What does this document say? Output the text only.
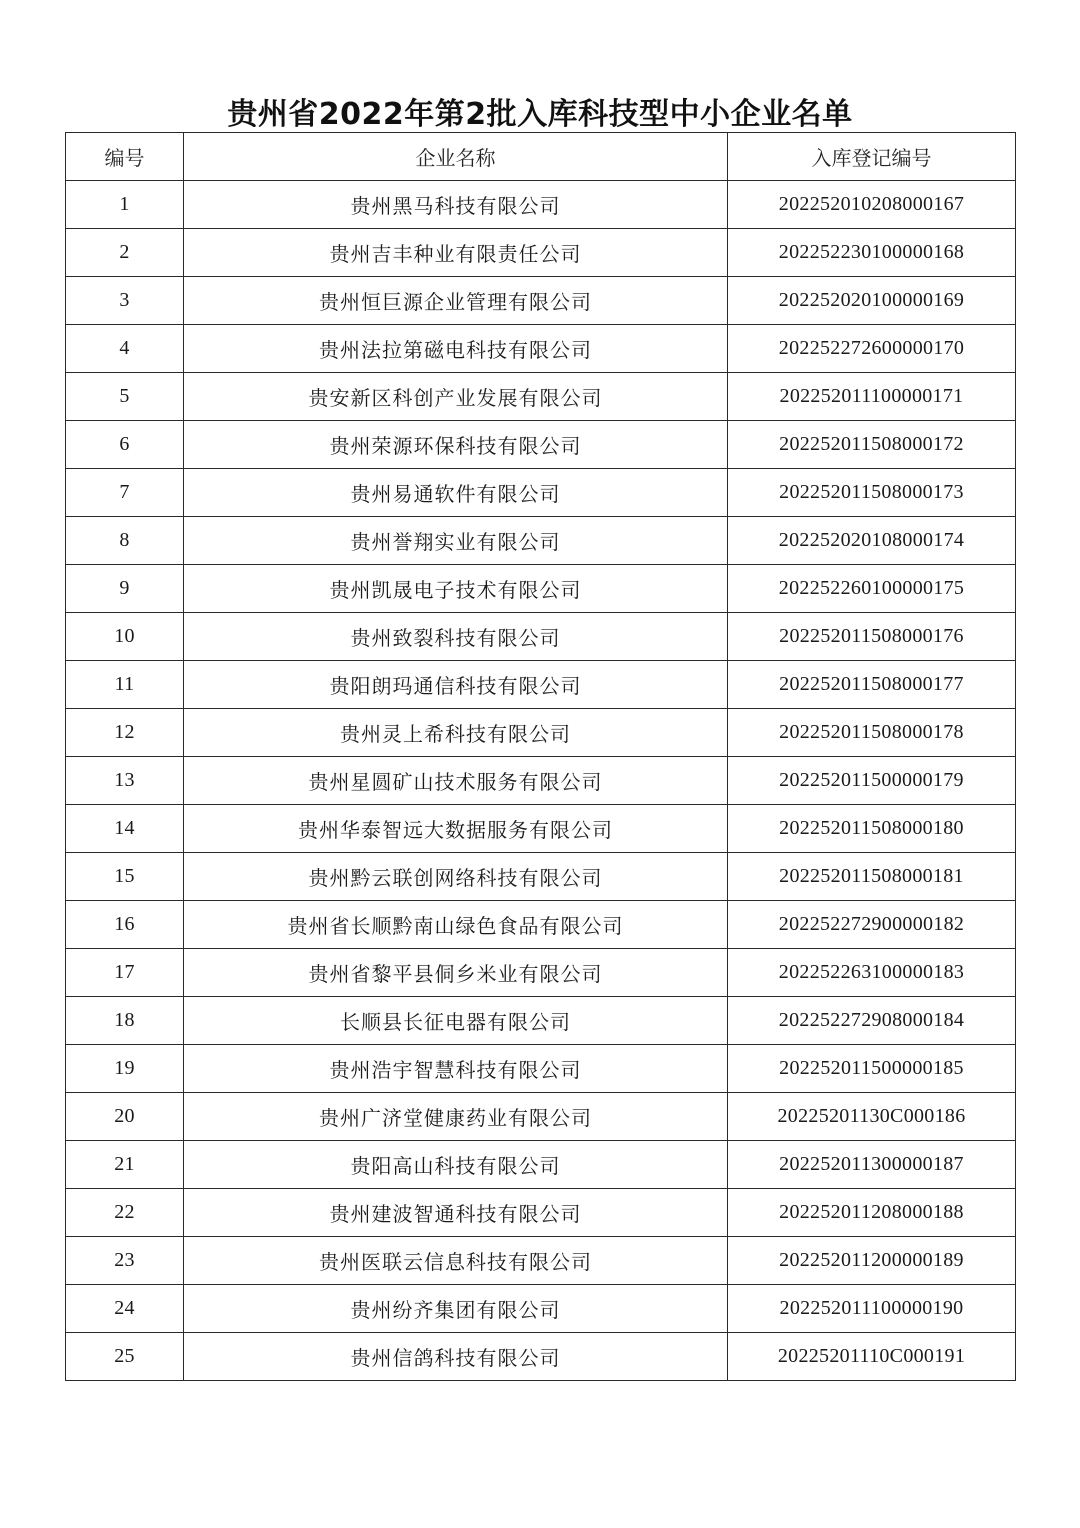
贵州省2022年第2批入库科技型中小企业名单
编号	企业名称	入库登记编号
1	贵州黑马科技有限公司	202252010208000167
2	贵州吉丰种业有限责任公司	202252230100000168
3	贵州恒巨源企业管理有限公司	202252020100000169
4	贵州法拉第磁电科技有限公司	202252272600000170
5	贵安新区科创产业发展有限公司	202252011100000171
6	贵州荣源环保科技有限公司	202252011508000172
7	贵州易通软件有限公司	202252011508000173
8	贵州誉翔实业有限公司	202252020108000174
9	贵州凯晟电子技术有限公司	202252260100000175
10	贵州致裂科技有限公司	202252011508000176
11	贵阳朗玛通信科技有限公司	202252011508000177
12	贵州灵上希科技有限公司	202252011508000178
13	贵州星圆矿山技术服务有限公司	202252011500000179
14	贵州华泰智远大数据服务有限公司	202252011508000180
15	贵州黔云联创网络科技有限公司	202252011508000181
16	贵州省长顺黔南山绿色食品有限公司	202252272900000182
17	贵州省黎平县侗乡米业有限公司	202252263100000183
18	长顺县长征电器有限公司	202252272908000184
19	贵州浩宇智慧科技有限公司	202252011500000185
20	贵州广济堂健康药业有限公司	20225201130C000186
21	贵阳高山科技有限公司	202252011300000187
22	贵州建波智通科技有限公司	202252011208000188
23	贵州医联云信息科技有限公司	202252011200000189
24	贵州纷齐集团有限公司	202252011100000190
25	贵州信鸽科技有限公司	20225201110C000191
